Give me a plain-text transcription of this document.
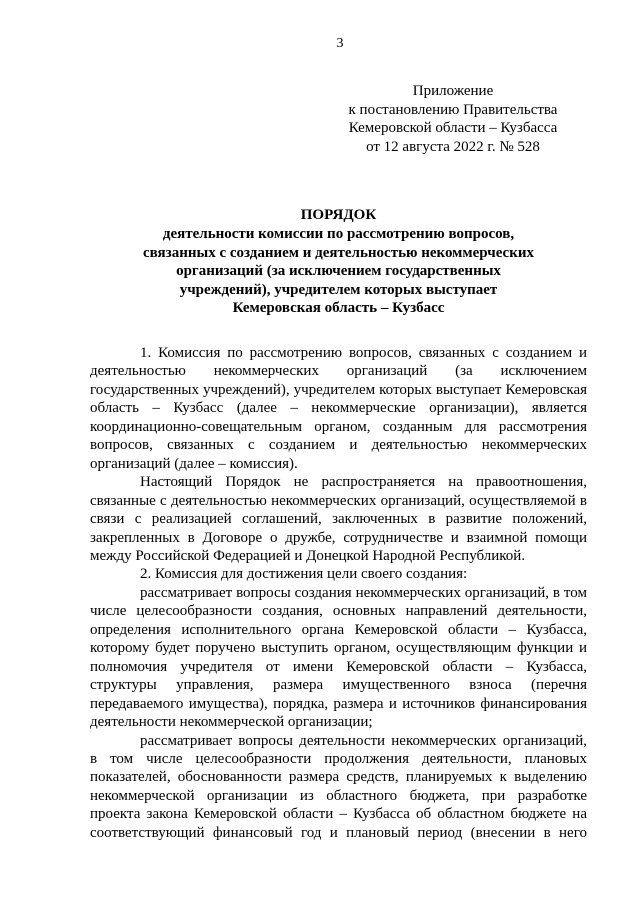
3
Приложение
к постановлению Правительства
Кемеровской области – Кузбасса
от 12 августа 2022 г. № 528
ПОРЯДОК
деятельности комиссии по рассмотрению вопросов,
связанных с созданием и деятельностью некоммерческих
организаций (за исключением государственных
учреждений), учредителем которых выступает
Кемеровская область – Кузбасс

1. Комиссия по рассмотрению вопросов, связанных с созданием и деятельностью некоммерческих организаций (за исключением государственных учреждений), учредителем которых выступает Кемеровская область – Кузбасс (далее – некоммерческие организации), является координационно-совещательным органом, созданным для рассмотрения вопросов, связанных с созданием и деятельностью некоммерческих организаций (далее – комиссия).

Настоящий Порядок не распространяется на правоотношения, связанные с деятельностью некоммерческих организаций, осуществляемой в связи с реализацией соглашений, заключенных в развитие положений, закрепленных в Договоре о дружбе, сотрудничестве и взаимной помощи между Российской Федерацией и Донецкой Народной Республикой.

2. Комиссия для достижения цели своего создания:

рассматривает вопросы создания некоммерческих организаций, в том числе целесообразности создания, основных направлений деятельности, определения исполнительного органа Кемеровской области – Кузбасса, которому будет поручено выступить органом, осуществляющим функции и полномочия учредителя от имени Кемеровской области – Кузбасса, структуры управления, размера имущественного взноса (перечня передаваемого имущества), порядка, размера и источников финансирования деятельности некоммерческой организации;

рассматривает вопросы деятельности некоммерческих организаций, в том числе целесообразности продолжения деятельности, плановых показателей, обоснованности размера средств, планируемых к выделению некоммерческой организации из областного бюджета, при разработке проекта закона Кемеровской области – Кузбасса об областном бюджете на соответствующий финансовый год и плановый период (внесении в него
